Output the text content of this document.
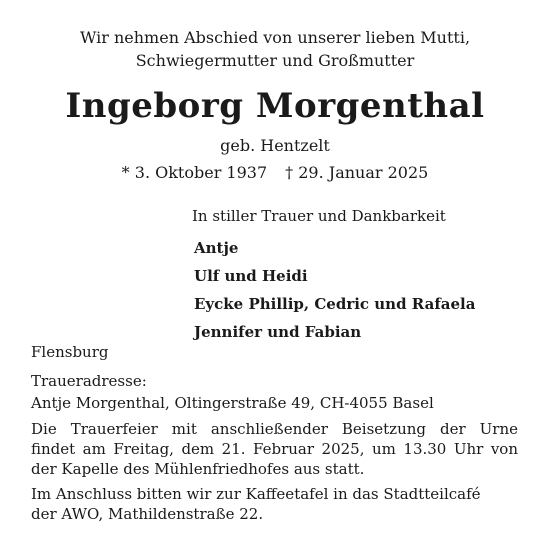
Wir nehmen Abschied von unserer lieben Mutti,
Schwiegermutter und Großmutter
Ingeborg Morgenthal
geb. Hentzelt
* 3. Oktober 1937 † 29. Januar 2025
In stiller Trauer und Dankbarkeit
Antje
Ulf und Heidi
Eycke Phillip, Cedric und Rafaela
Jennifer und Fabian
Flensburg
Traueradresse:
Antje Morgenthal, Oltingerstraße 49, CH-4055 Basel
Die Trauerfeier mit anschließender Beisetzung der Urne
findet am Freitag, dem 21. Februar 2025, um 13.30 Uhr von
der Kapelle des Mühlenfriedhofes aus statt.
Im Anschluss bitten wir zur Kaffeetafel in das Stadtteilcafé
der AWO, Mathildenstraße 22.
